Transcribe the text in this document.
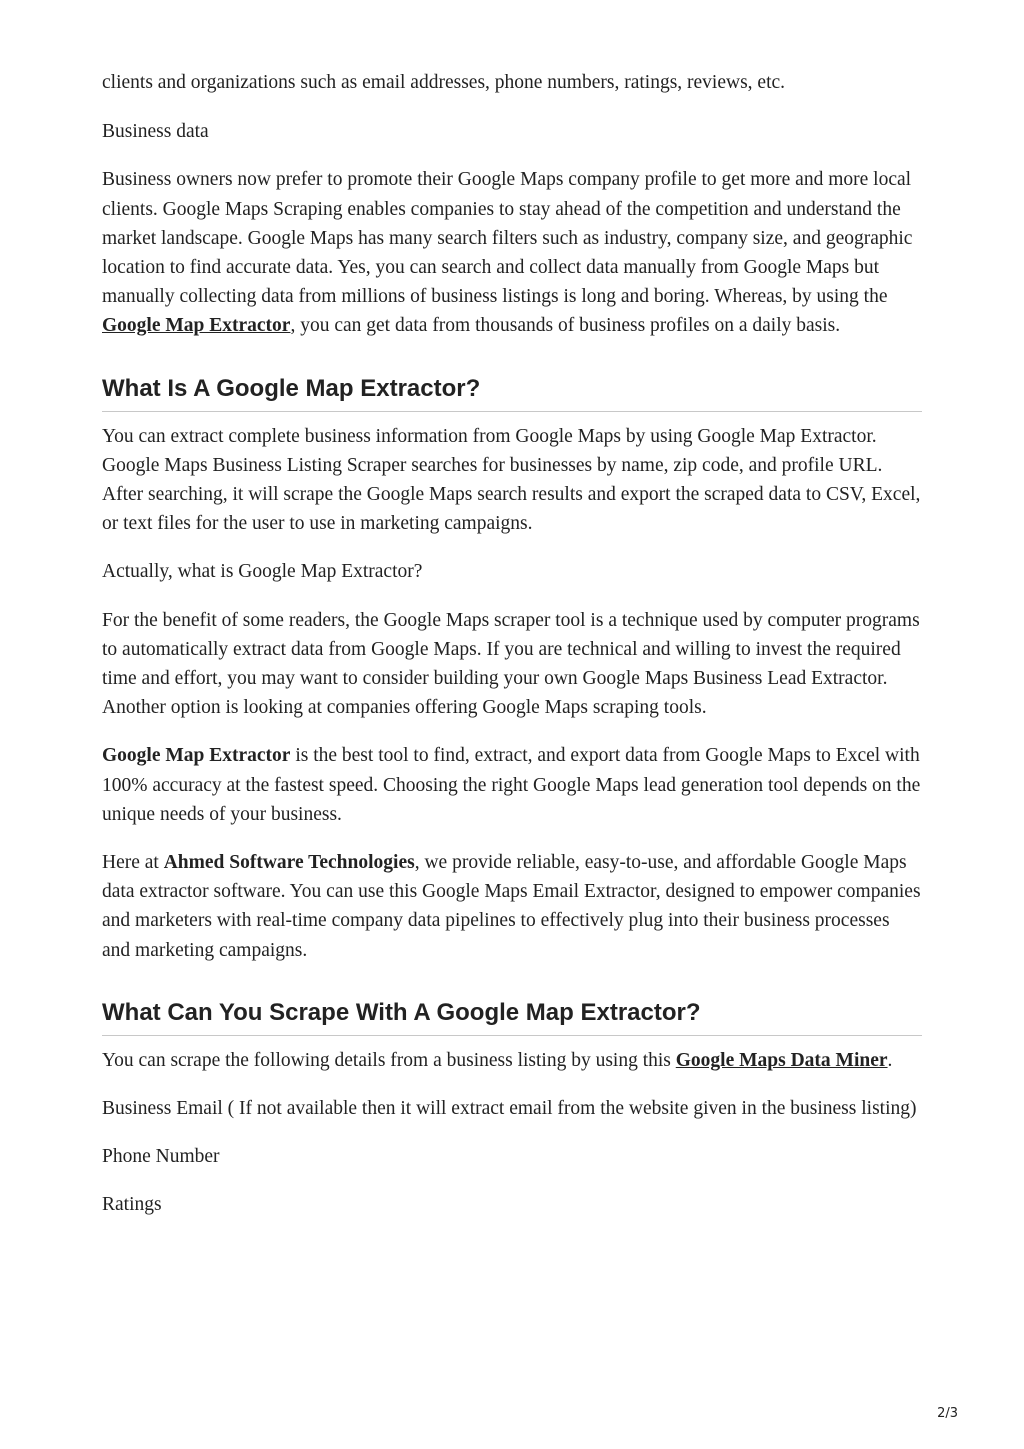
clients and organizations such as email addresses, phone numbers, ratings, reviews, etc.

Business data

Business owners now prefer to promote their Google Maps company profile to get more and more local clients. Google Maps Scraping enables companies to stay ahead of the competition and understand the market landscape. Google Maps has many search filters such as industry, company size, and geographic location to find accurate data. Yes, you can search and collect data manually from Google Maps but manually collecting data from millions of business listings is long and boring. Whereas, by using the Google Map Extractor, you can get data from thousands of business profiles on a daily basis.

What Is A Google Map Extractor?

You can extract complete business information from Google Maps by using Google Map Extractor. Google Maps Business Listing Scraper searches for businesses by name, zip code, and profile URL. After searching, it will scrape the Google Maps search results and export the scraped data to CSV, Excel, or text files for the user to use in marketing campaigns.

Actually, what is Google Map Extractor?

For the benefit of some readers, the Google Maps scraper tool is a technique used by computer programs to automatically extract data from Google Maps. If you are technical and willing to invest the required time and effort, you may want to consider building your own Google Maps Business Lead Extractor. Another option is looking at companies offering Google Maps scraping tools.

Google Map Extractor is the best tool to find, extract, and export data from Google Maps to Excel with 100% accuracy at the fastest speed. Choosing the right Google Maps lead generation tool depends on the unique needs of your business.

Here at Ahmed Software Technologies, we provide reliable, easy-to-use, and affordable Google Maps data extractor software. You can use this Google Maps Email Extractor, designed to empower companies and marketers with real-time company data pipelines to effectively plug into their business processes and marketing campaigns.

What Can You Scrape With A Google Map Extractor?

You can scrape the following details from a business listing by using this Google Maps Data Miner.

Business Email ( If not available then it will extract email from the website given in the business listing)

Phone Number

Ratings

2/3
